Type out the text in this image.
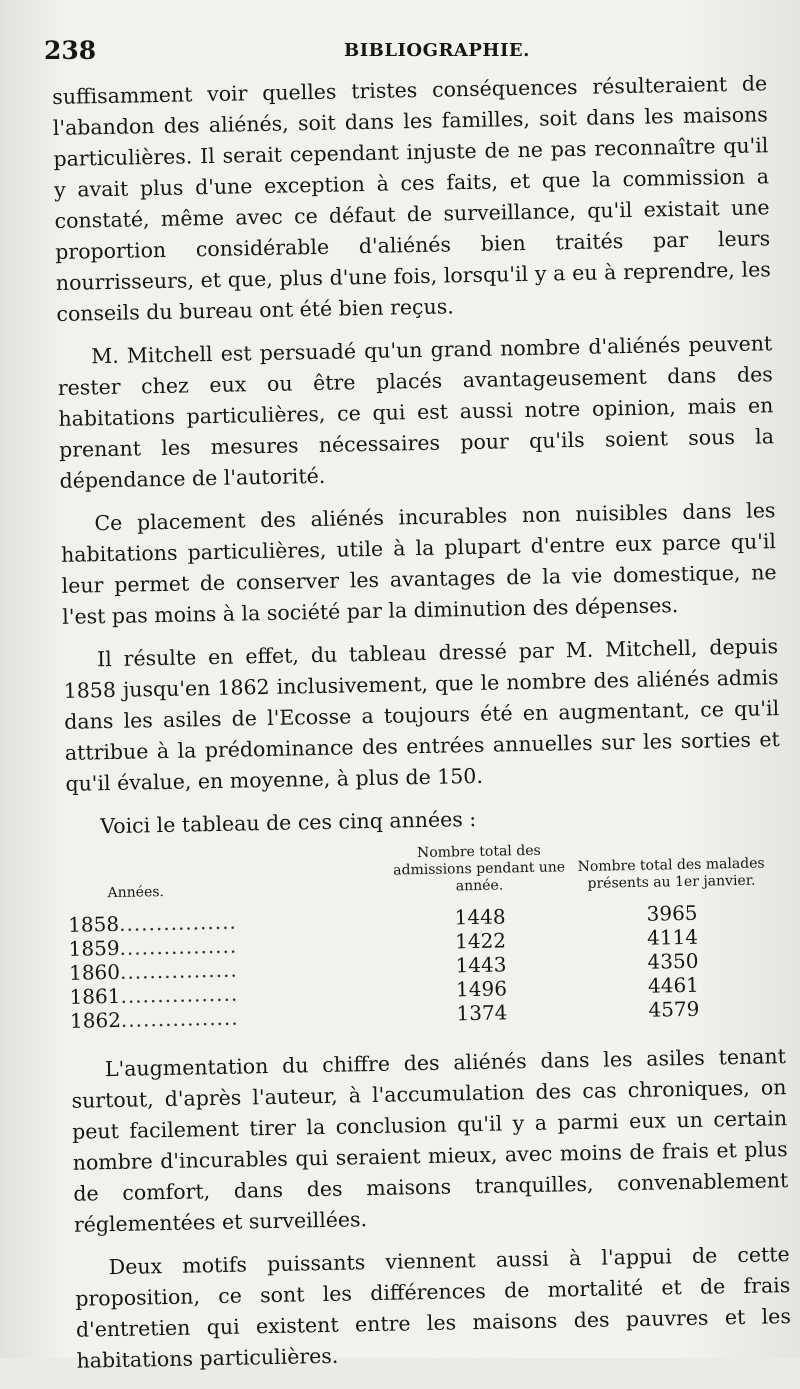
238	BIBLIOGRAPHIE.

suffisamment voir quelles tristes conséquences résulteraient de l'abandon des aliénés, soit dans les familles, soit dans les maisons particulières. Il serait cependant injuste de ne pas reconnaître qu'il y avait plus d'une exception à ces faits, et que la commission a constaté, même avec ce défaut de surveillance, qu'il existait une proportion considérable d'aliénés bien traités par leurs nourrisseurs, et que, plus d'une fois, lorsqu'il y a eu à reprendre, les conseils du bureau ont été bien reçus.

M. Mitchell est persuadé qu'un grand nombre d'aliénés peuvent rester chez eux ou être placés avantageusement dans des habitations particulières, ce qui est aussi notre opinion, mais en prenant les mesures nécessaires pour qu'ils soient sous la dépendance de l'autorité.

Ce placement des aliénés incurables non nuisibles dans les habitations particulières, utile à la plupart d'entre eux parce qu'il leur permet de conserver les avantages de la vie domestique, ne l'est pas moins à la société par la diminution des dépenses.

Il résulte en effet, du tableau dressé par M. Mitchell, depuis 1858 jusqu'en 1862 inclusivement, que le nombre des aliénés admis dans les asiles de l'Ecosse a toujours été en augmentant, ce qu'il attribue à la prédominance des entrées annuelles sur les sorties et qu'il évalue, en moyenne, à plus de 150.

Voici le tableau de ces cinq années :

Années.	Nombre total des admissions pendant une année.	Nombre total des malades présents au 1er janvier.
1858................	1448	3965
1859................	1422	4114
1860................	1443	4350
1861................	1496	4461
1862................	1374	4579

L'augmentation du chiffre des aliénés dans les asiles tenant surtout, d'après l'auteur, à l'accumulation des cas chroniques, on peut facilement tirer la conclusion qu'il y a parmi eux un certain nombre d'incurables qui seraient mieux, avec moins de frais et plus de comfort, dans des maisons tranquilles, convenablement réglementées et surveillées.

Deux motifs puissants viennent aussi à l'appui de cette proposition, ce sont les différences de mortalité et de frais d'entretien qui existent entre les maisons des pauvres et les habitations particulières.
